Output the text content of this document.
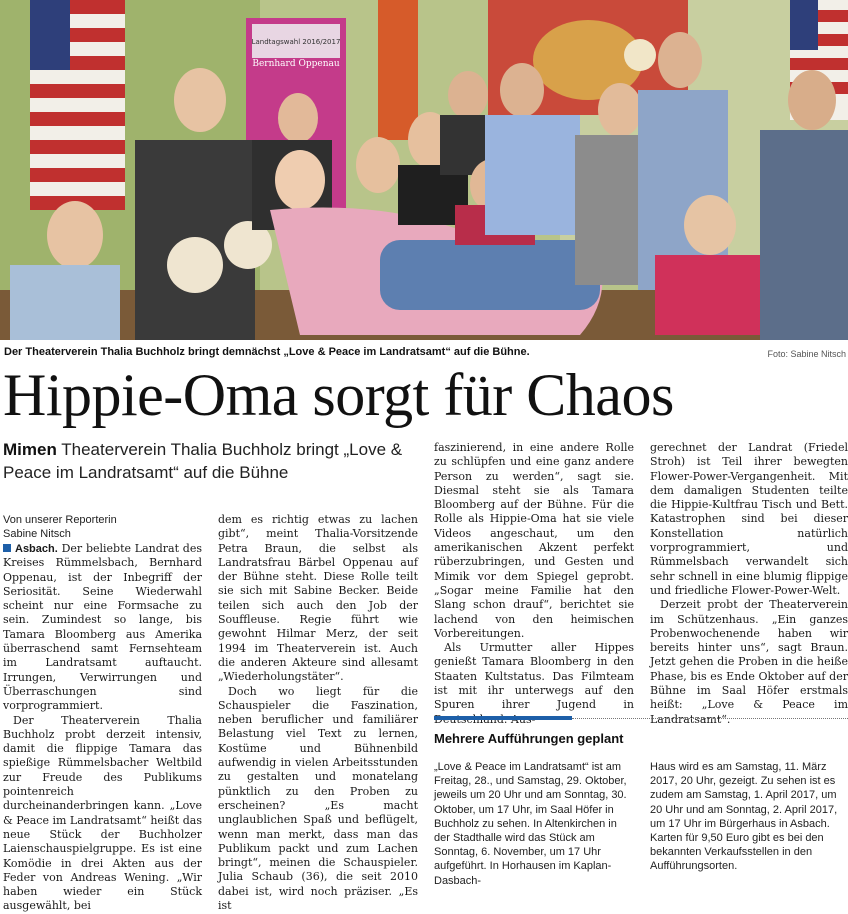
Landtagswahl 2016/2017
Bernhard Oppenau
Der Theaterverein Thalia Buchholz bringt demnächst „Love & Peace im Landratsamt“ auf die Bühne.	Foto: Sabine Nitsch
Hippie-Oma sorgt für Chaos
Mimen Theaterverein Thalia Buchholz bringt „Love & Peace im Landratsamt“ auf die Bühne
Von unserer Reporterin
Sabine Nitsch

Asbach. Der beliebte Landrat des Kreises Rümmelsbach, Bernhard Oppenau, ist der Inbegriff der Seriosität. Seine Wiederwahl scheint nur eine Formsache zu sein. Zumindest so lange, bis Tamara Bloomberg aus Amerika überraschend samt Fernsehteam im Landratsamt auftaucht. Irrungen, Verwirrungen und Überraschungen sind vorprogrammiert.

Der Theaterverein Thalia Buchholz probt derzeit intensiv, damit die flippige Tamara das spießige Rümmelsbacher Weltbild zur Freude des Publikums pointenreich durcheinanderbringen kann. „Love & Peace im Landratsamt“ heißt das neue Stück der Buchholzer Laienschauspielgruppe. Es ist eine Komödie in drei Akten aus der Feder von Andreas Wening. „Wir haben wieder ein Stück ausgewählt, bei

dem es richtig etwas zu lachen gibt“, meint Thalia-Vorsitzende Petra Braun, die selbst als Landratsfrau Bärbel Oppenau auf der Bühne steht. Diese Rolle teilt sie sich mit Sabine Becker. Beide teilen sich auch den Job der Souffleuse. Regie führt wie gewohnt Hilmar Merz, der seit 1994 im Theaterverein ist. Auch die anderen Akteure sind allesamt „Wiederholungstäter“.

Doch wo liegt für die Schauspieler die Faszination, neben beruflicher und familiärer Belastung viel Text zu lernen, Kostüme und Bühnenbild aufwendig in vielen Arbeitsstunden zu gestalten und monatelang pünktlich zu den Proben zu erscheinen? „Es macht unglaublichen Spaß und beflügelt, wenn man merkt, dass man das Publikum packt und zum Lachen bringt“, meinen die Schauspieler. Julia Schaub (36), die seit 2010 dabei ist, wird noch präziser. „Es ist

faszinierend, in eine andere Rolle zu schlüpfen und eine ganz andere Person zu werden“, sagt sie. Diesmal steht sie als Tamara Bloomberg auf der Bühne. Für die Rolle als Hippie-Oma hat sie viele Videos angeschaut, um den amerikanischen Akzent perfekt rüberzubringen, und Gesten und Mimik vor dem Spiegel geprobt. „Sogar meine Familie hat den Slang schon drauf“, berichtet sie lachend von den heimischen Vorbereitungen.

Als Urmutter aller Hippes genießt Tamara Bloomberg in den Staaten Kultstatus. Das Filmteam ist mit ihr unterwegs auf den Spuren ihrer Jugend in

gerechnet der Landrat (Friedel Stroh) ist Teil ihrer bewegten Flower-Power-Vergangenheit. Mit dem damaligen Studenten teilte die Hippie-Kultfrau Tisch und Bett. Katastrophen sind bei dieser Konstellation natürlich vorprogrammiert, und Rümmelsbach verwandelt sich sehr schnell in eine blumig flippige und friedliche Flower-Power-Welt.

Derzeit probt der Theaterverein im Schützenhaus. „Ein ganzes Probenwochenende haben wir bereits hinter uns“, sagt Braun. Jetzt gehen die Proben in die heiße Phase, bis es Ende Oktober auf der Bühne im Saal Höfer erstmals heißt: „Love & Peace im Landratsamt“.

Mehrere Aufführungen geplant
„Love & Peace im Landratsamt“ ist am Freitag, 28., und Samstag, 29. Oktober, jeweils um 20 Uhr und am Sonntag, 30. Oktober, um 17 Uhr, im Saal Höfer in Buchholz zu sehen. In Altenkirchen in der Stadthalle wird das Stück am Sonntag, 6. November, um 17 Uhr aufgeführt. In Horhausen im Kaplan-Dasbach-
Haus wird es am Samstag, 11. März 2017, 20 Uhr, gezeigt. Zu sehen ist es zudem am Samstag, 1. April 2017, um 20 Uhr und am Sonntag, 2. April 2017, um 17 Uhr im Bürgerhaus in Asbach. Karten für 9,50 Euro gibt es bei den bekannten Verkaufsstellen in den Aufführungsorten.
